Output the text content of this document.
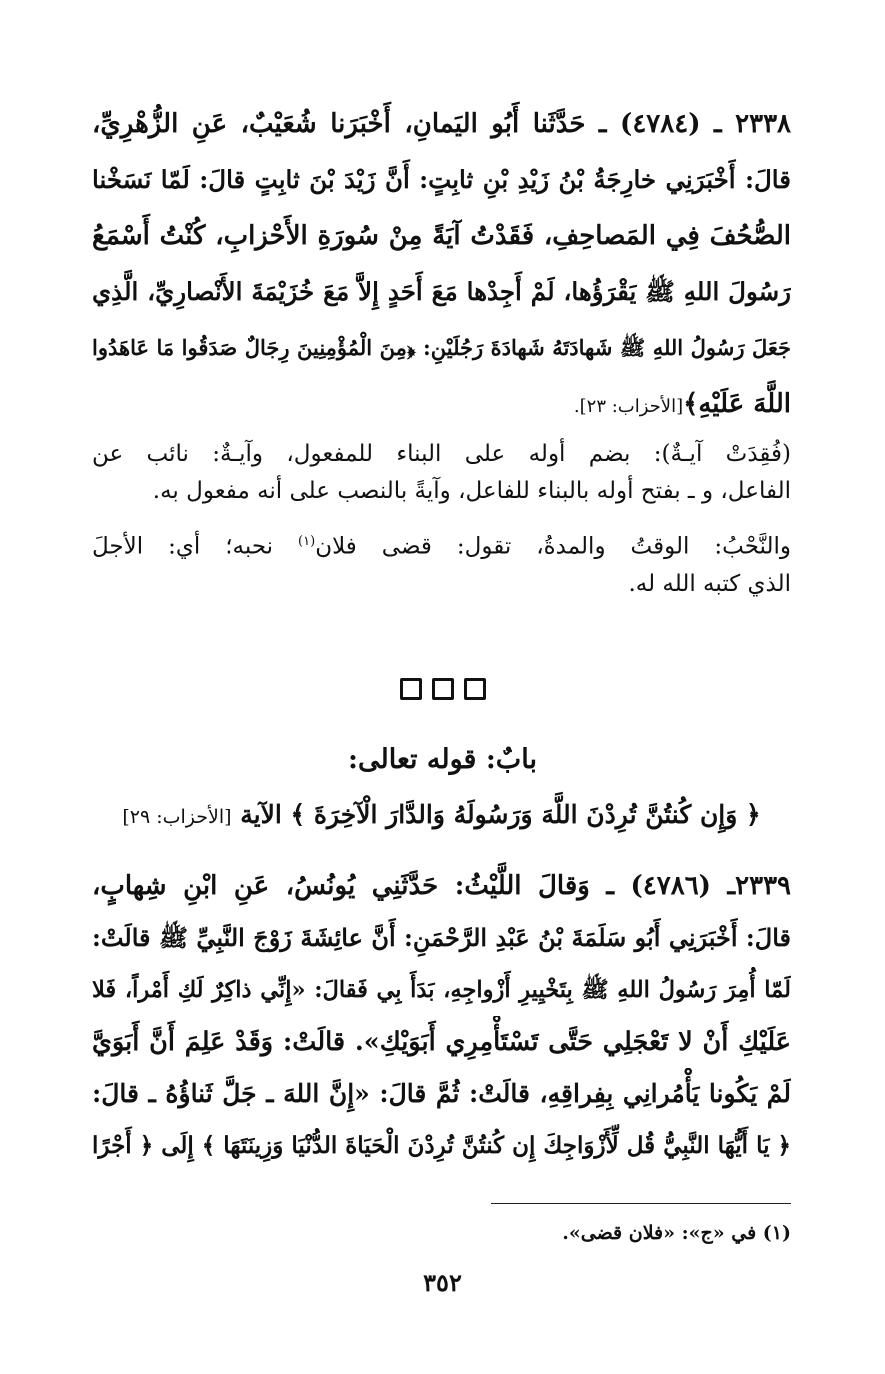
٢٣٣٨ ـ (٤٧٨٤) ـ حَدَّثَنا أَبُو اليَمانِ، أَخْبَرَنا شُعَيْبٌ، عَنِ الزُّهْرِيِّ،
قالَ: أَخْبَرَنِي خارِجَةُ بْنُ زَيْدِ بْنِ ثابِتٍ: أَنَّ زَيْدَ بْنَ ثابِتٍ قالَ: لَمّا نَسَخْنا
الصُّحُفَ فِي المَصاحِفِ، فَقَدْتُ آيَةً مِنْ سُورَةِ الأَحْزابِ، كُنْتُ أَسْمَعُ
رَسُولَ اللهِ ﷺ يَقْرَؤُها، لَمْ أَجِدْها مَعَ أَحَدٍ إِلاَّ مَعَ خُزَيْمَةَ الأَنْصارِيِّ، الَّذِي
جَعَلَ رَسُولُ اللهِ ﷺ شَهادَتَهُ شَهادَةَ رَجُلَيْنِ: ﴿مِنَ الْمُؤْمِنِينَ رِجَالٌ صَدَقُوا مَا عَاهَدُوا
اللَّهَ عَلَيْهِ﴾[الأحزاب: ٢٣].
(فُقِدَتْ آيـةٌ): بضم أوله على البناء للمفعول، وآيـةٌ: نائب عن
الفاعل، و ـ بفتح أوله بالبناء للفاعل، وآيةً بالنصب على أنه مفعول به.
والنَّحْبُ: الوقتُ والمدةُ، تقول: قضى فلان$^{(١)}$ نحبه؛ أي: الأجلَ
الذي كتبه الله له.
بابٌ: قوله تعالى:
﴿ وَإِن كُنتُنَّ تُرِدْنَ اللَّهَ وَرَسُولَهُ وَالدَّارَ الْآخِرَةَ ﴾ الآية [الأحزاب: ٢٩]
٢٣٣٩ـ (٤٧٨٦) ـ وَقالَ اللَّيْثُ: حَدَّثَنِي يُونُسُ، عَنِ ابْنِ شِهابٍ،
قالَ: أَخْبَرَنِي أَبُو سَلَمَةَ بْنُ عَبْدِ الرَّحْمَنِ: أَنَّ عائِشَةَ زَوْجَ النَّبِيِّ ﷺ قالَتْ:
لَمّا أُمِرَ رَسُولُ اللهِ ﷺ بِتَخْيِيرِ أَزْواجِهِ، بَدَأَ بِي فَقالَ: «إِنِّي ذاكِرٌ لَكِ أَمْراً، فَلا
عَلَيْكِ أَنْ لا تَعْجَلِي حَتَّى تَسْتَأْمِرِي أَبَوَيْكِ». قالَتْ: وَقَدْ عَلِمَ أَنَّ أَبَوَيَّ
لَمْ يَكُونا يَأْمُرانِي بِفِراقِهِ، قالَتْ: ثُمَّ قالَ: «إِنَّ اللهَ ـ جَلَّ ثَناؤُهُ ـ قالَ:
﴿ يَا أَيُّهَا النَّبِيُّ قُل لِّأَزْوَاجِكَ إِن كُنتُنَّ تُرِدْنَ الْحَيَاةَ الدُّنْيَا وَزِينَتَهَا ﴾ إِلَى ﴿ أَجْرًا
(١) في «ج»: «فلان قضى».
٣٥٢
